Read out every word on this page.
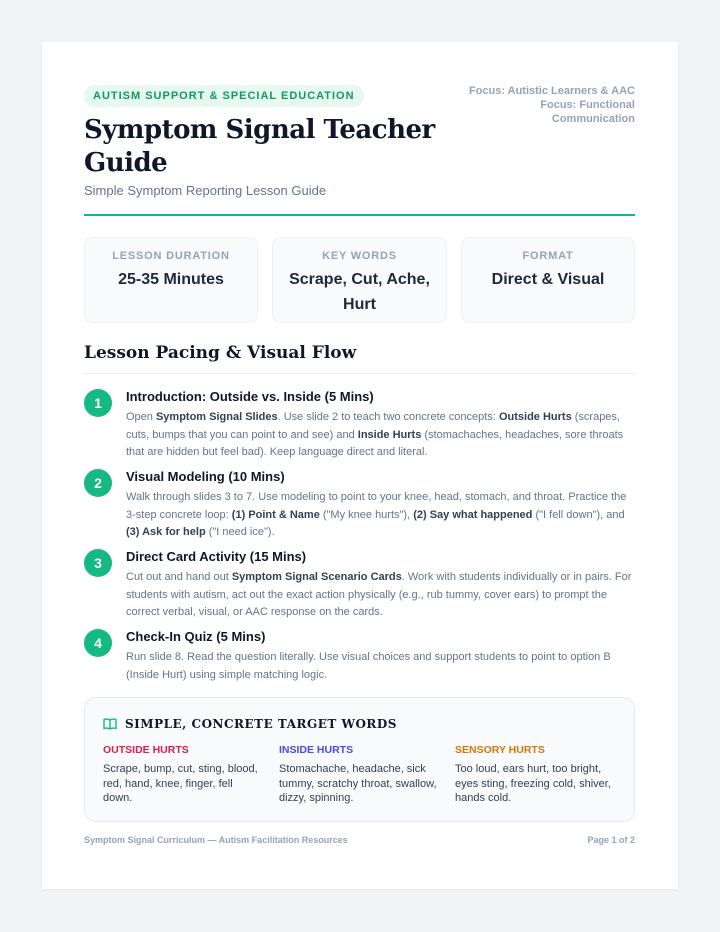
AUTISM SUPPORT & SPECIAL EDUCATION
Symptom Signal Teacher Guide
Simple Symptom Reporting Lesson Guide
Focus: Autistic Learners & AAC
Focus: Functional Communication
LESSON DURATION
25-35 Minutes
KEY WORDS
Scrape, Cut, Ache, Hurt
FORMAT
Direct & Visual
Lesson Pacing & Visual Flow
1	Introduction: Outside vs. Inside (5 Mins)
Open Symptom Signal Slides. Use slide 2 to teach two concrete concepts: Outside Hurts (scrapes, cuts, bumps that you can point to and see) and Inside Hurts (stomachaches, headaches, sore throats that are hidden but feel bad). Keep language direct and literal.
2	Visual Modeling (10 Mins)
Walk through slides 3 to 7. Use modeling to point to your knee, head, stomach, and throat. Practice the 3-step concrete loop: (1) Point & Name ("My knee hurts"), (2) Say what happened ("I fell down"), and (3) Ask for help ("I need ice").
3	Direct Card Activity (15 Mins)
Cut out and hand out Symptom Signal Scenario Cards. Work with students individually or in pairs. For students with autism, act out the exact action physically (e.g., rub tummy, cover ears) to prompt the correct verbal, visual, or AAC response on the cards.
4	Check-In Quiz (5 Mins)
Run slide 8. Read the question literally. Use visual choices and support students to point to option B (Inside Hurt) using simple matching logic.
SIMPLE, CONCRETE TARGET WORDS
OUTSIDE HURTS
Scrape, bump, cut, sting, blood, red, hand, knee, finger, fell down.
INSIDE HURTS
Stomachache, headache, sick tummy, scratchy throat, swallow, dizzy, spinning.
SENSORY HURTS
Too loud, ears hurt, too bright, eyes sting, freezing cold, shiver, hands cold.
Symptom Signal Curriculum — Autism Facilitation Resources	Page 1 of 2
